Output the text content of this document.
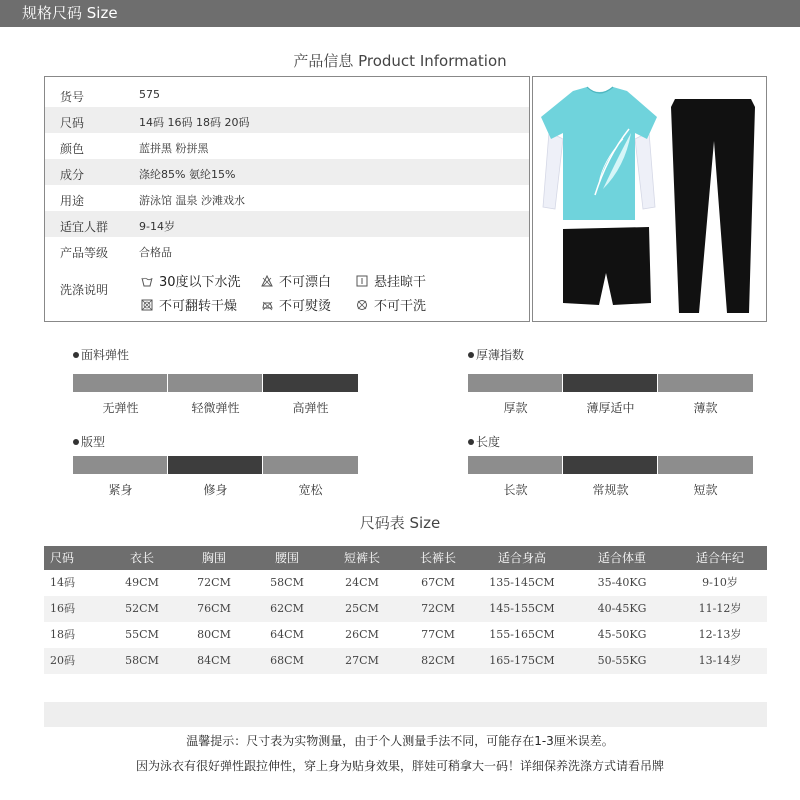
规格尺码 Size
产品信息 Product Information
货号	575
尺码	14码 16码 18码 20码
颜色	蓝拼黑 粉拼黑
成分	涤纶85% 氨纶15%
用途	游泳馆 温泉 沙滩戏水
适宜人群	9-14岁
产品等级	合格品
洗涤说明	30度以下水洗	不可漂白	悬挂晾干
不可翻转干燥	不可熨烫	不可干洗
面料弹性
无弹性	轻微弹性	高弹性
厚薄指数
厚款	薄厚适中	薄款
版型
紧身	修身	宽松
长度
长款	常规款	短款
尺码表 Size
尺码	衣长	胸围	腰围	短裤长	长裤长	适合身高	适合体重	适合年纪
14码	49CM	72CM	58CM	24CM	67CM	135-145CM	35-40KG	9-10岁
16码	52CM	76CM	62CM	25CM	72CM	145-155CM	40-45KG	11-12岁
18码	55CM	80CM	64CM	26CM	77CM	155-165CM	45-50KG	12-13岁
20码	58CM	84CM	68CM	27CM	82CM	165-175CM	50-55KG	13-14岁
温馨提示：尺寸表为实物测量，由于个人测量手法不同，可能存在1-3厘米误差。
因为泳衣有很好弹性跟拉伸性，穿上身为贴身效果，胖娃可稍拿大一码！详细保养洗涤方式请看吊牌
